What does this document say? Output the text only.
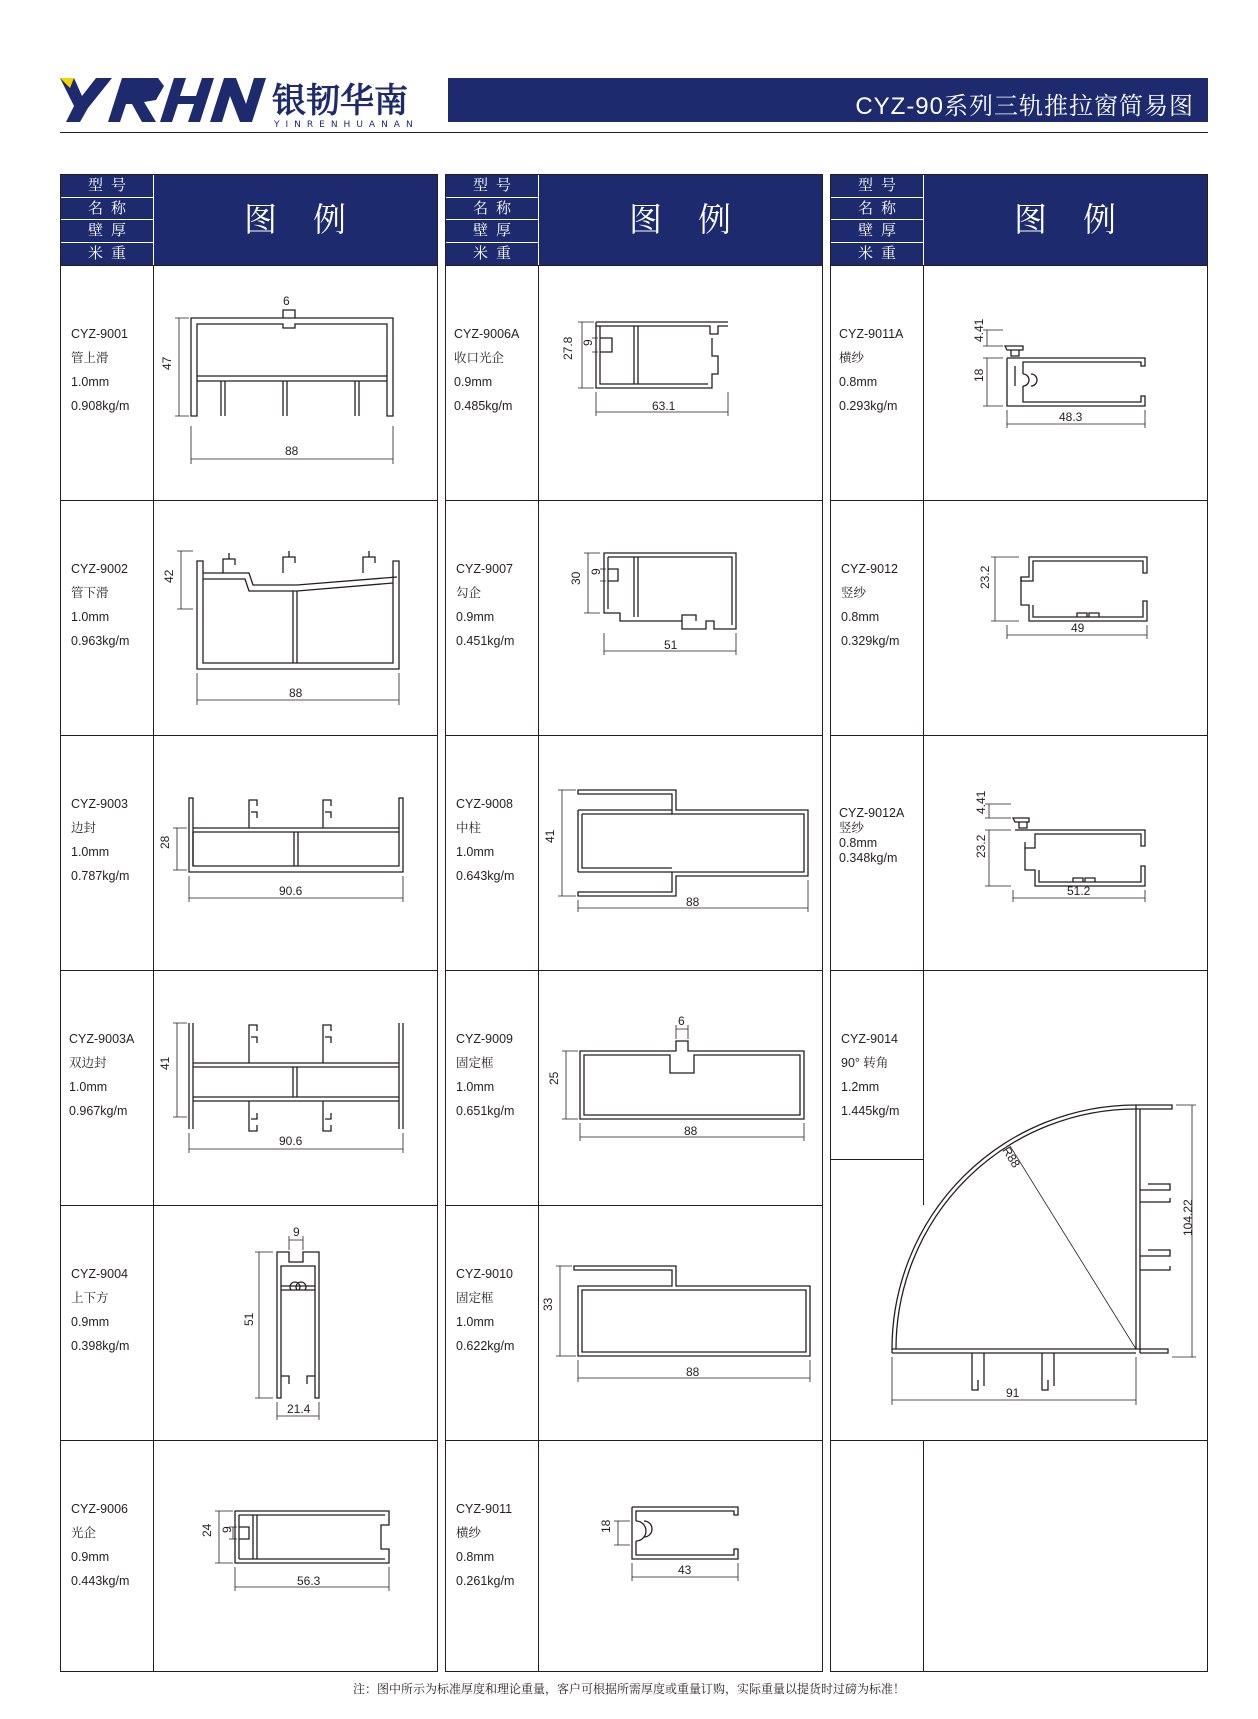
银韧华南
YINRENHUANAN
CYZ-90系列三轨推拉窗简易图
型号
名称
壁厚
米重
图例
CYZ-9001
管上滑
1.0mm
0.908kg/m
6
47
88
CYZ-9002
管下滑
1.0mm
0.963kg/m
42
88
CYZ-9003
边封
1.0mm
0.787kg/m
28
90.6
CYZ-9003A
双边封
1.0mm
0.967kg/m
41
90.6
CYZ-9004
上下方
0.9mm
0.398kg/m
9
51
21.4
CYZ-9006
光企
0.9mm
0.443kg/m
24 9
56.3
型号
名称
壁厚
米重
图例
CYZ-9006A
收口光企
0.9mm
0.485kg/m
27.8 9
63.1
CYZ-9007
勾企
0.9mm
0.451kg/m
30 9
51
CYZ-9008
中柱
1.0mm
0.643kg/m
41
88
CYZ-9009
固定框
1.0mm
0.651kg/m
6
25
88
CYZ-9010
固定框
1.0mm
0.622kg/m
33
88
CYZ-9011
横纱
0.8mm
0.261kg/m
18
43
型号
名称
壁厚
米重
图例
CYZ-9011A
横纱
0.8mm
0.293kg/m
4.41
18
48.3
CYZ-9012
竖纱
0.8mm
0.329kg/m
23.2
49
CYZ-9012A
竖纱
0.8mm
0.348kg/m
4.41
23.2
51.2
CYZ-9014
90° 转角
1.2mm
1.445kg/m
R88
104.22
91
注：图中所示为标准厚度和理论重量，客户可根据所需厚度或重量订购，实际重量以提货时过磅为标准！
